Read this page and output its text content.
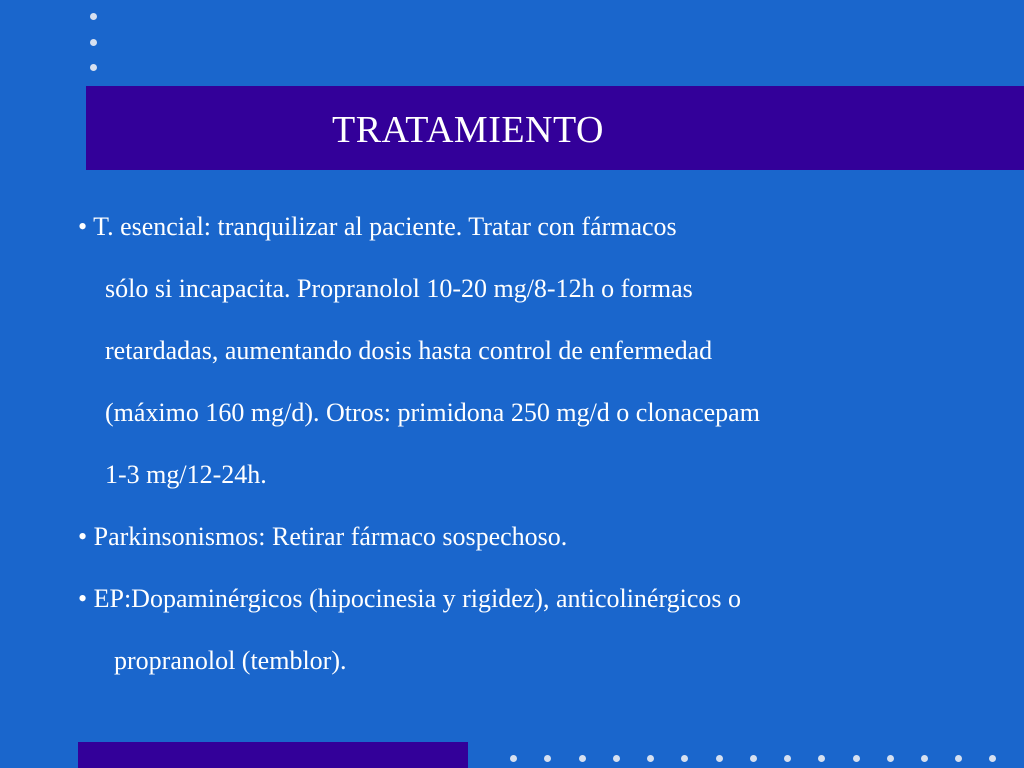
TRATAMIENTO
• T. esencial: tranquilizar al paciente. Tratar con fármacos
sólo si incapacita. Propranolol 10-20 mg/8-12h o formas
retardadas, aumentando dosis hasta control de enfermedad
(máximo 160 mg/d). Otros: primidona 250 mg/d o clonacepam
1-3 mg/12-24h.
• Parkinsonismos: Retirar fármaco sospechoso.
• EP:Dopaminérgicos (hipocinesia y rigidez), anticolinérgicos o
propranolol (temblor).
